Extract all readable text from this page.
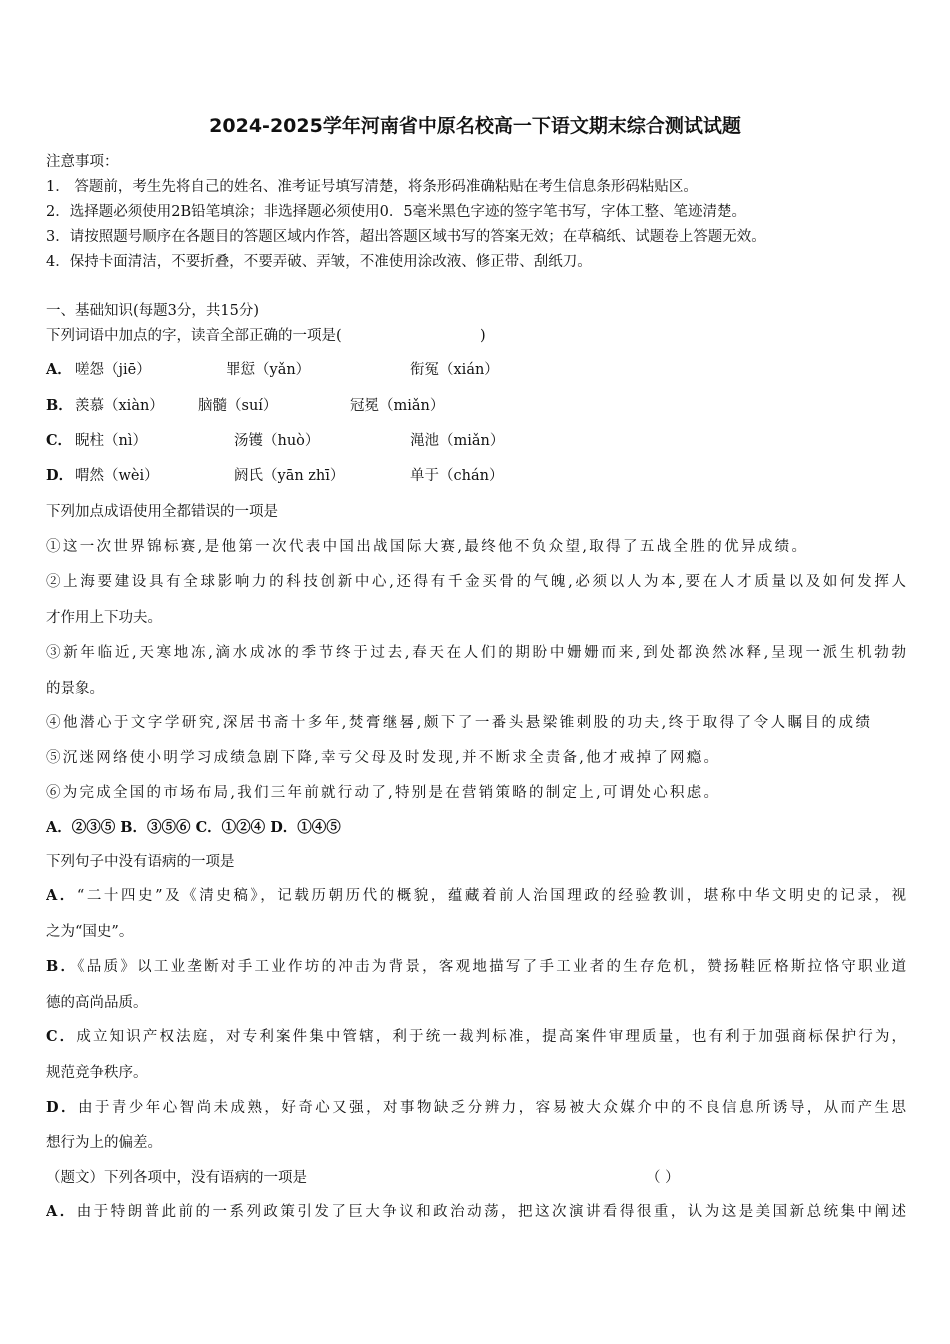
2024-2025学年河南省中原名校高一下语文期末综合测试试题
注意事项：
1． 答题前，考生先将自己的姓名、准考证号填写清楚，将条形码准确粘贴在考生信息条形码粘贴区。
2．选择题必须使用2B铅笔填涂；非选择题必须使用0．5毫米黑色字迹的签字笔书写，字体工整、笔迹清楚。
3．请按照题号顺序在各题目的答题区域内作答，超出答题区域书写的答案无效；在草稿纸、试题卷上答题无效。
4．保持卡面清洁，不要折叠，不要弄破、弄皱，不准使用涂改液、修正带、刮纸刀。
一、基础知识(每题3分，共15分)
下列词语中加点的字，读音全部正确的一项是(	)
A． 嗟怨（jiē）	罪愆（yǎn）	衔冤（xián）
B． 羡慕（xiàn） 脑髓（suí）	冠冕（miǎn）
C． 睨柱（nì）	汤镬（huò）	渑池（miǎn）
D． 喟然（wèi）	阏氏（yān zhī）	单于（chán）
下列加点成语使用全都错误的一项是
①这一次世界锦标赛,是他第一次代表中国出战国际大赛,最终他不负众望,取得了五战全胜的优异成绩。
②上海要建设具有全球影响力的科技创新中心,还得有千金买骨的气魄,必须以人为本,要在人才质量以及如何发挥人
才作用上下功夫。
③新年临近,天寒地冻,滴水成冰的季节终于过去,春天在人们的期盼中姗姗而来,到处都涣然冰释,呈现一派生机勃勃
的景象。
④他潜心于文字学研究,深居书斋十多年,焚膏继晷,颇下了一番头悬梁锥刺股的功夫,终于取得了令人瞩目的成绩
⑤沉迷网络使小明学习成绩急剧下降,幸亏父母及时发现,并不断求全责备,他才戒掉了网瘾。
⑥为完成全国的市场布局,我们三年前就行动了,特别是在营销策略的制定上,可谓处心积虑。
A．②③⑤ B．③⑤⑥ C．①②④ D．①④⑤
下列句子中没有语病的一项是
A．“二十四史”及《清史稿》，记载历朝历代的概貌，蕴藏着前人治国理政的经验教训，堪称中华文明史的记录，视
之为“国史”。
B．《品质》以工业垄断对手工业作坊的冲击为背景，客观地描写了手工业者的生存危机，赞扬鞋匠格斯拉恪守职业道
德的高尚品质。
C．成立知识产权法庭，对专利案件集中管辖，利于统一裁判标准，提高案件审理质量，也有利于加强商标保护行为，
规范竞争秩序。
D．由于青少年心智尚未成熟，好奇心又强，对事物缺乏分辨力，容易被大众媒介中的不良信息所诱导，从而产生思
想行为上的偏差。
（题文）下列各项中，没有语病的一项是	（ ）
A．由于特朗普此前的一系列政策引发了巨大争议和政治动荡，把这次演讲看得很重，认为这是美国新总统集中阐述
